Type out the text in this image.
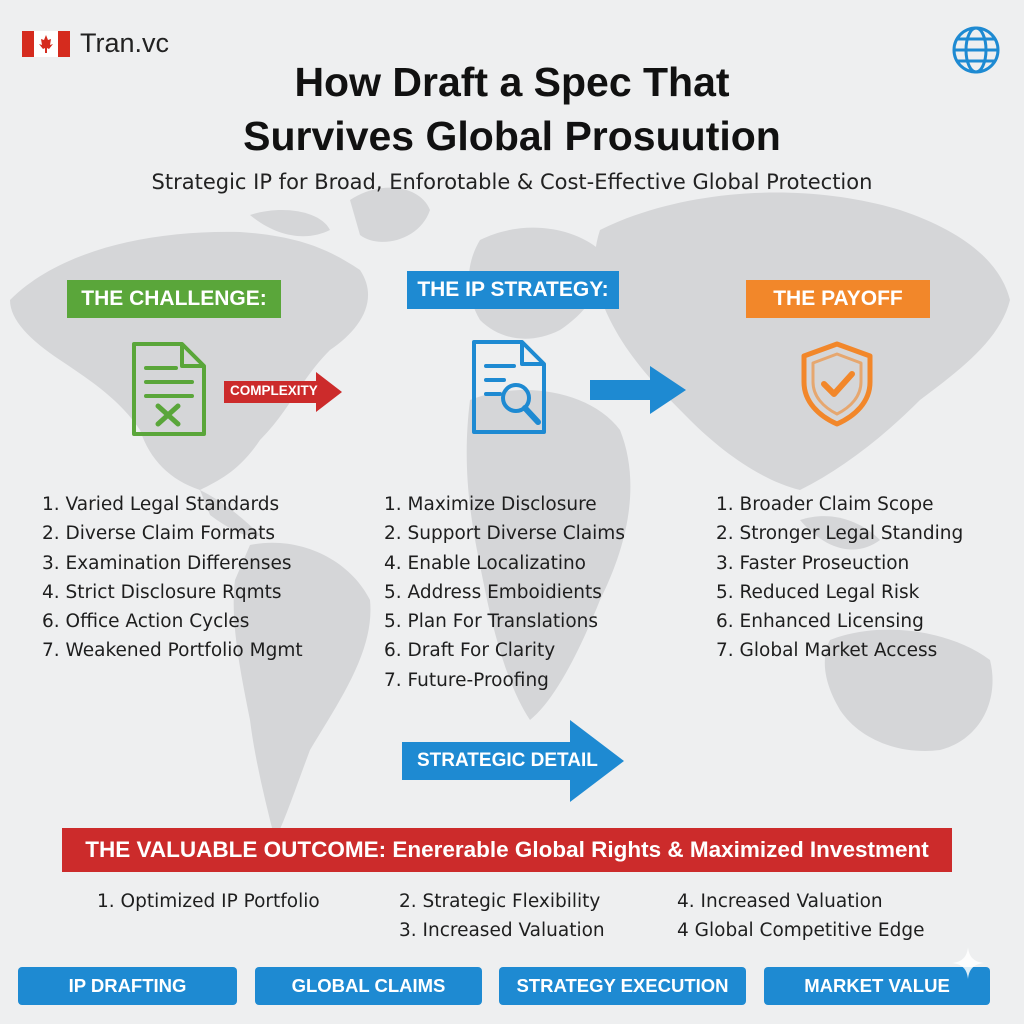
Tran.vc
How Draft a Spec That
Survives Global Prosuution
Strategic IP for Broad, Enforotable & Cost-Effective Global Protection
THE CHALLENGE:
COMPLEXITY
1. Varied Legal Standards
2. Diverse Claim Formats
3. Examination Differenses
4. Strict Disclosure Rqmts
6. Office Action Cycles
7. Weakened Portfolio Mgmt
THE IP STRATEGY:
1. Maximize Disclosure
2. Support Diverse Claims
4. Enable Localizatino
5. Address Emboidients
5. Plan For Translations
6. Draft For Clarity
7. Future-Proofing
STRATEGIC DETAIL
THE PAYOFF
1. Broader Claim Scope
2. Stronger Legal Standing
3. Faster Proseuction
5. Reduced Legal Risk
6. Enhanced Licensing
7. Global Market Access
THE VALUABLE OUTCOME: Enererable Global Rights & Maximized Investment
1. Optimized IP Portfolio	2. Strategic Flexibility
3. Increased Valuation
4. Increased Valuation
4 Global Competitive Edge
IP DRAFTING	GLOBAL CLAIMS	STRATEGY EXECUTION	MARKET VALUE
